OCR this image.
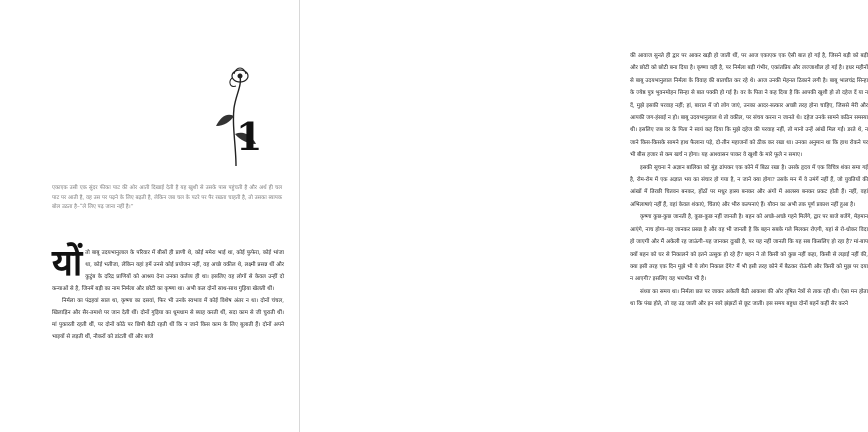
1
एकाएक उसी एक सुंदर फीका पाट की ओर आती दिखाई देती है यह खुशी से उसके पास पहुंचती है और अर्थ ही चल पाट पर आती है, वह उस पर पढ़ने के लिए बढ़ती है, लेकिन जब चल के पटरे पर पैर रखता चाहती है, तो उसका ब्यापक बोल उठता है–“ले लिए पढ़ जाना नहीं है।”

योंतो बाबू उदयभानुलाल के परिवार में बीसों ही प्राणी थे, कोई ममेरा भाई था, कोई फुफेरा, कोई भांजा था, कोई भतीजा, लेकिन यहां हमें उनसे कोई प्रयोजन नहीं, वह अच्छे वकील थे, लक्ष्मी प्रसन्न थीं और कुटुंब के दरिद्र प्राणियों को आश्रय देना उनका कर्तव्य ही था। इसलिए वह लोगों से केवल उन्हीं दो कन्याओं से है, जिनमें बड़ी का नाम निर्मला और छोटी का कृष्णा था। अभी कल दोनों साथ-साथ गुड़िया खेलती थीं।

निर्मला का पंद्रहवां साल था, कृष्णा का दसवां, फिर भी उनके स्वभाव में कोई विशेष अंतर न था। दोनों चंचल, खिलाड़िन और सैर-तमाशे पर जान देती थीं। दोनों गुड़िया का धूमधाम से ब्याह करती थीं, सदा काम से जी चुराती थीं। मां पुकारती रहती थीं, पर दोनों कोठे पर छिपी बैठी रहती थीं कि न जाने किस काम के लिए बुलाती हैं। दोनों अपने भाइयों से लड़ती थीं, नौकरों को डांटती थीं और बाजे

की आवाज सुनते ही द्वार पर आकर खड़ी हो जाती थीं, पर आज एकाएक एक ऐसी बात हो गई है, जिसने बड़ी को बड़ी और छोटी को छोटी बना दिया है। कृष्णा वही है, पर निर्मला बड़ी गंभीर, एकांतप्रिय और लज्जाशील हो गई है। इधर महीनों से बाबू उदयभानुलाल निर्मला के विवाह की बातचीत कर रहे थे। आज उनकी मेहनत ठिकाने लगी है। बाबू भालचंद्र सिन्हा के ज्येष्ठ पुत्र भुवनमोहन सिन्हा से बात पक्की हो गई है। वर के पिता ने कह दिया है कि आपकी खुशी हो तो दहेज दें या न दें, मुझे इसकी परवाह नहीं; हां, बारात में जो लोग जाएं, उनका आदर-सत्कार अच्छी तरह होना चाहिए, जिससे मेरी और आपकी जग-हंसाई न हो। बाबू उदयभानुलाल थे तो वकील, पर संचय करना न जानते थे। दहेज उनके सामने कठिन समस्या थी। इसलिए जब वर के पिता ने स्वयं कह दिया कि मुझे दहेज की परवाह नहीं, तो मानो उन्हें आंखें मिल गईं। डरते थे, न जाने किस-किसके सामने हाथ फैलाना पड़े, दो-तीन महाजनों को ठीक कर रखा था। उनका अनुमान था कि हाथ रोकने पर भी बीस हजार से कम खर्च न होगा। यह आश्वासन पाकर वे खुशी के मारे फूले न समाए।

इसकी सूचना ने अज्ञान बालिका को मुंह ढांपकर एक कोने में बिठा रखा है। उसके हृदय में एक विचित्र शंका समा गई है, रोम-रोम में एक अज्ञात भय का संचार हो गया है, न जाने क्या होगा? उसके मन में वे उमंगें नहीं हैं, जो युवतियों की आंखों में तिरछी चितवन बनकर, होंठों पर मधुर हास्य बनकर और अंगों में आलस्य बनकर प्रकट होती हैं। नहीं, वहां अभिलाषाएं नहीं हैं, वहां केवल शंकाएं, चिंताएं और भीरु कल्पनाएं हैं। यौवन का अभी तक पूर्ण प्रकाश नहीं हुआ है।

कृष्णा कुछ-कुछ जानती है, कुछ-कुछ नहीं जानती है। बहन को अच्छे-अच्छे गहने मिलेंगे, द्वार पर बाजे बजेंगे, मेहमान आएंगे, नाच होगा–यह जानकर प्रसन्न है और वह भी जानती है कि बहन सबके गले मिलकर रोएगी, यहां से रो-धोकर विदा हो जाएगी और मैं अकेली रह जाऊंगी–यह जानकर दुःखी है, पर यह नहीं जानती कि यह सब किसलिए हो रहा है? मां-बाप क्यों बहन को घर से निकालने को इतने उत्सुक हो रहे हैं? बहन ने तो किसी को कुछ नहीं कहा, किसी से लड़ाई नहीं की, क्या इसी तरह एक दिन मुझे भी ये लोग निकाल देंगे? मैं भी इसी तरह कोने में बैठकर रोऊंगी और किसी को मुझ पर दया न आएगी? इसलिए वह भयभीत भी है।

संध्या का समय था। निर्मला छत पर जाकर अकेली बैठी आकाश की ओर तृषित नेत्रों से ताक रही थी। ऐसा मन होता था कि पंख होते, तो वह उड़ जाती और इन सारे झंझटों से छूट जाती। इस समय बहुधा दोनों बहनें कहीं सैर करने
